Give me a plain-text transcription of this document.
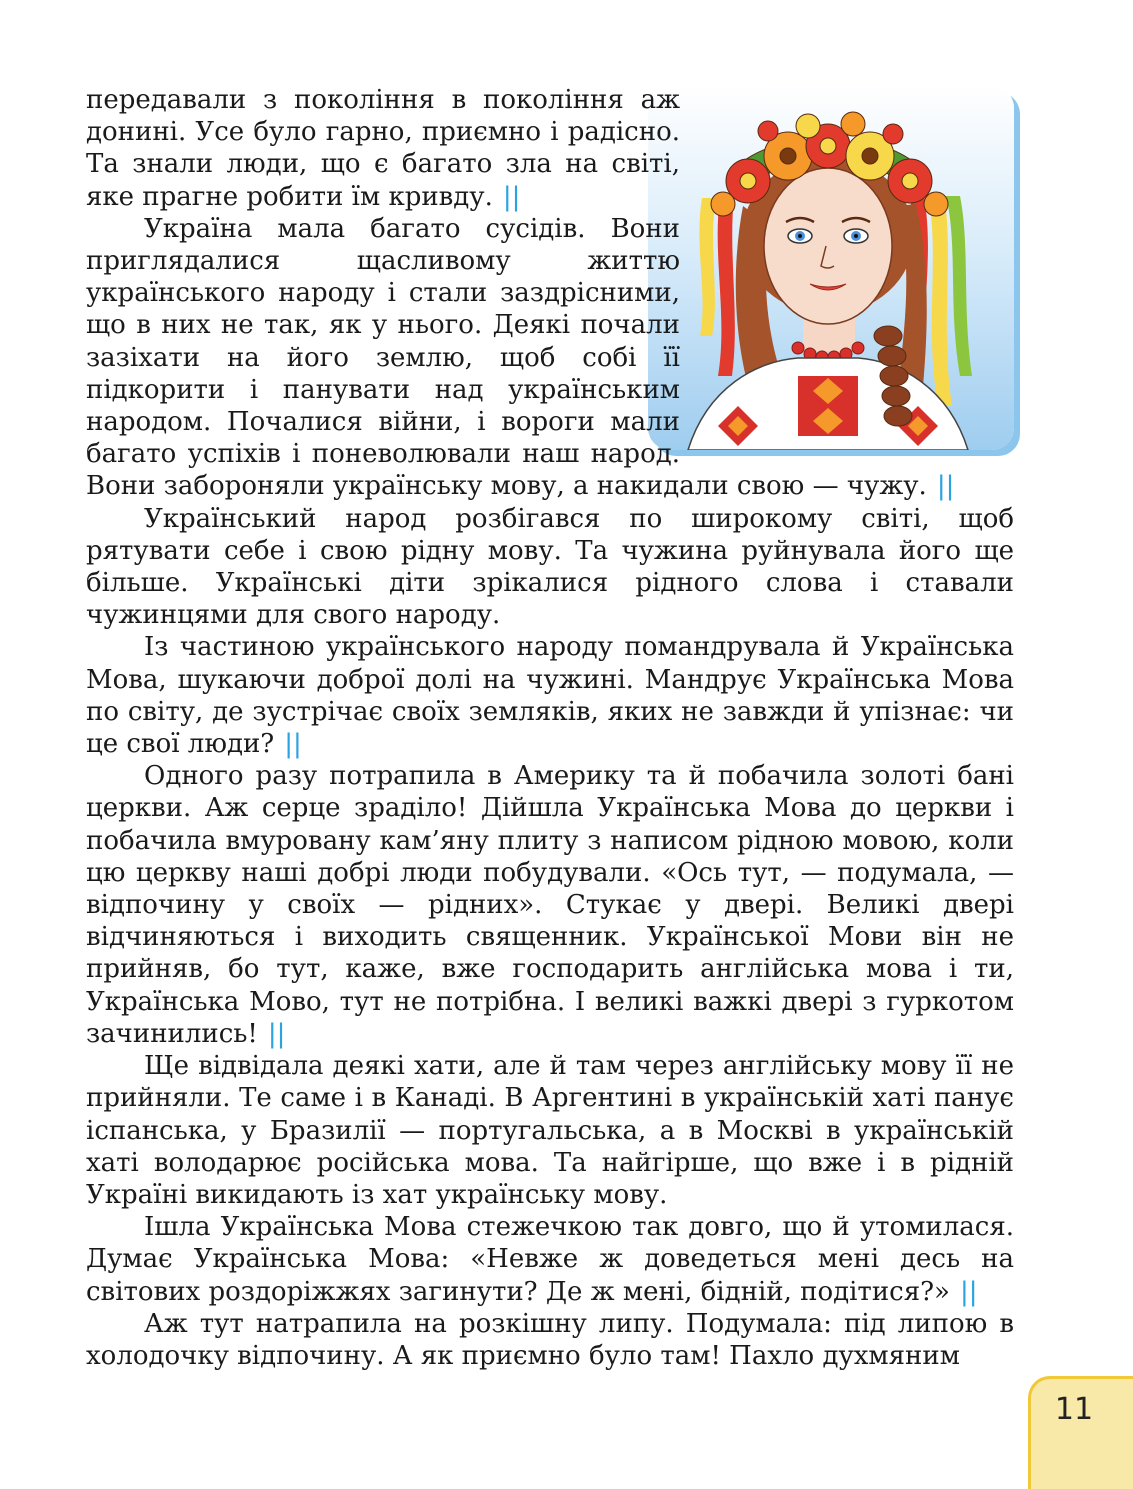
передавали з покоління в покоління аж донині. Усе було гарно, приємно і радісно. Та знали люди, що є багато зла на світі, яке прагне робити їм кривду. ||

Україна мала багато сусідів. Вони приглядалися щасливому життю українського народу і стали заздрісними, що в них не так, як у нього. Деякі почали зазіхати на його землю, щоб собі її підкорити і панувати над українським народом. Почалися війни, і вороги мали багато успіхів і поневолювали наш народ. Вони забороняли українську мову, а накидали свою — чужу. ||

Український народ розбігався по широкому світі, щоб рятувати себе і свою рідну мову. Та чужина руйнувала його ще більше. Українські діти зрікалися рідного слова і ставали чужинцями для свого народу.

Із частиною українського народу помандрувала й Українська Мова, шукаючи доброї долі на чужині. Мандрує Українська Мова по світу, де зустрічає своїх земляків, яких не завжди й упізнає: чи це свої люди? ||

Одного разу потрапила в Америку та й побачила золоті бані церкви. Аж серце зраділо! Дійшла Українська Мова до церкви і побачила вмуровану кам’яну плиту з написом рідною мовою, коли цю церкву наші добрі люди побудували. «Ось тут, — подумала, — відпочину у своїх — рідних». Стукає у двері. Великі двері відчиняються і виходить священник. Української Мови він не прийняв, бо тут, каже, вже господарить англійська мова і ти, Українська Мово, тут не потрібна. І великі важкі двері з гуркотом зачинились! ||

Ще відвідала деякі хати, але й там через англійську мову її не прийняли. Те саме і в Канаді. В Аргентині в українській хаті панує іспанська, у Бразилії — португальська, а в Москві в українській хаті володарює російська мова. Та найгірше, що вже і в рідній Україні викидають із хат українську мову.

Ішла Українська Мова стежечкою так довго, що й утомилася. Думає Українська Мова: «Невже ж доведеться мені десь на світових роздоріжжях загинути? Де ж мені, бідній, подітися?» ||

Аж тут натрапила на розкішну липу. Подумала: під липою в холодочку відпочину. А як приємно було там! Пахло духмяним

11
